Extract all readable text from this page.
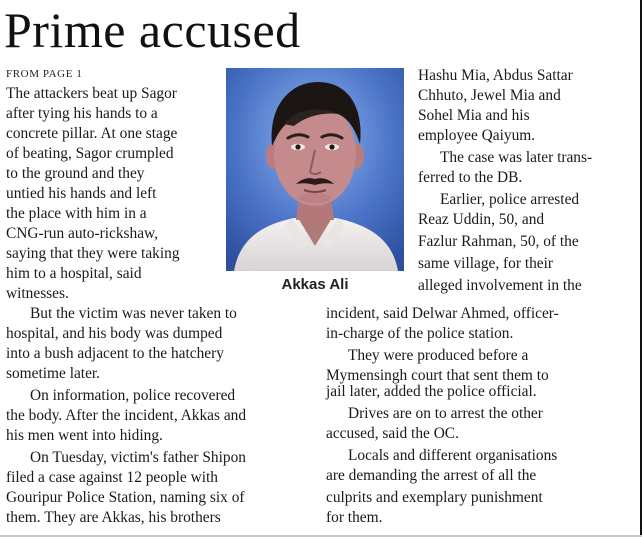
Prime accused
FROM PAGE 1
Akkas Ali
The attackers beat up Sagor
after tying his hands to a
concrete pillar. At one stage
of beating, Sagor crumpled
to the ground and they
untied his hands and left
the place with him in a
CNG-run auto-rickshaw,
saying that they were taking
him to a hospital, said
witnesses.
Hashu Mia, Abdus Sattar
Chhuto, Jewel Mia and
Sohel Mia and his
employee Qaiyum.
The case was later trans-
ferred to the DB.
Earlier, police arrested
Reaz Uddin, 50, and
Fazlur Rahman, 50, of the
same village, for their
alleged involvement in the
But the victim was never taken to
hospital, and his body was dumped
into a bush adjacent to the hatchery
sometime later.
On information, police recovered
the body. After the incident, Akkas and
his men went into hiding.
On Tuesday, victim's father Shipon
filed a case against 12 people with
Gouripur Police Station, naming six of
them. They are Akkas, his brothers
incident, said Delwar Ahmed, officer-
in-charge of the police station.
They were produced before a
Mymensingh court that sent them to
jail later, added the police official.
Drives are on to arrest the other
accused, said the OC.
Locals and different organisations
are demanding the arrest of all the
culprits and exemplary punishment
for them.
